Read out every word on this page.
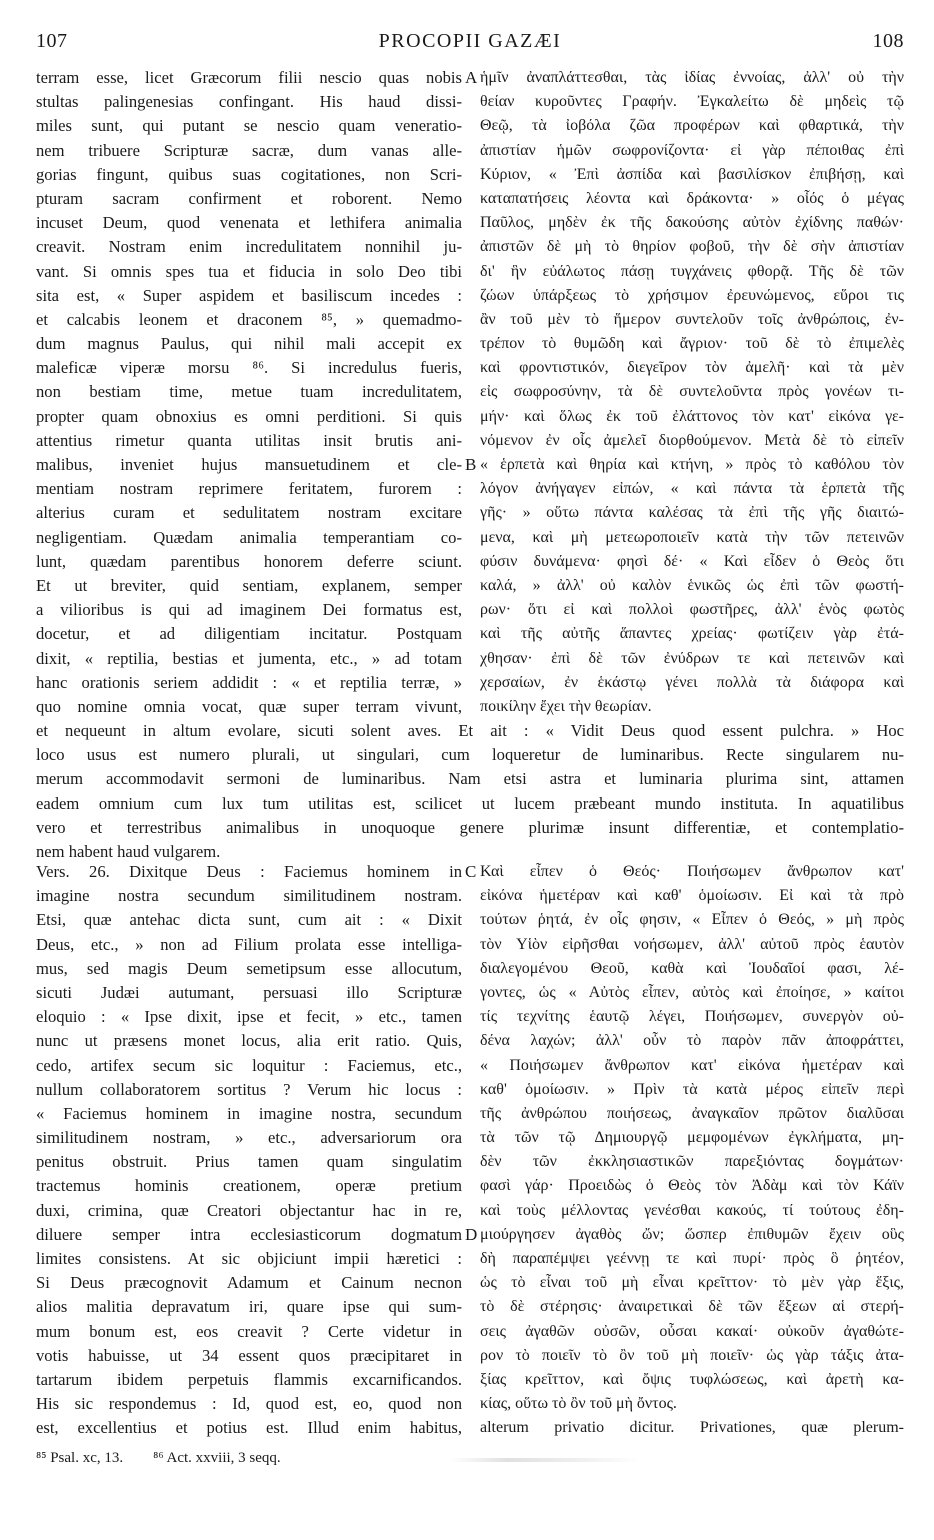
107	PROCOPII GAZÆI	108
A
B
C
D
terram esse, licet Græcorum filii nescio quas nobis
stultas palingenesias confingant. His haud dissi-
miles sunt, qui putant se nescio quam veneratio-
nem tribuere Scripturæ sacræ, dum vanas alle-
gorias fingunt, quibus suas cogitationes, non Scri-
pturam sacram confirment et roborent. Nemo
incuset Deum, quod venenata et lethifera animalia
creavit. Nostram enim incredulitatem nonnihil ju-
vant. Si omnis spes tua et fiducia in solo Deo tibi
sita est, « Super aspidem et basiliscum incedes :
et calcabis leonem et draconem ⁸⁵, » quemadmo-
dum magnus Paulus, qui nihil mali accepit ex
maleficæ viperæ morsu ⁸⁶. Si incredulus fueris,
non bestiam time, metue tuam incredulitatem,
propter quam obnoxius es omni perditioni. Si quis
attentius rimetur quanta utilitas insit brutis ani-
malibus, inveniet hujus mansuetudinem et cle-
mentiam nostram reprimere feritatem, furorem :
alterius curam et sedulitatem nostram excitare
negligentiam. Quædam animalia temperantiam co-
lunt, quædam parentibus honorem deferre sciunt.
Et ut breviter, quid sentiam, explanem, semper
a vilioribus is qui ad imaginem Dei formatus est,
docetur, et ad diligentiam incitatur. Postquam
dixit, « reptilia, bestias et jumenta, etc., » ad totam
hanc orationis seriem addidit : « et reptilia terræ, »
quo nomine omnia vocat, quæ super terram vivunt,
ἡμῖν ἀναπλάττεσθαι, τὰς ἰδίας ἐννοίας, ἀλλ' οὐ τὴν
θείαν κυροῦντες Γραφήν. Ἐγκαλείτω δὲ μηδεὶς τῷ
Θεῷ, τὰ ἰοβόλα ζῶα προφέρων καὶ φθαρτικά, τὴν
ἀπιστίαν ἡμῶν σωφρονίζοντα· εἰ γὰρ πέποιθας ἐπὶ
Κύριον, « Ἐπὶ ἀσπίδα καὶ βασιλίσκον ἐπιβήσῃ, καὶ
καταπατήσεις λέοντα καὶ δράκοντα· » οἷός ὁ μέγας
Παῦλος, μηδὲν ἐκ τῆς δακούσης αὐτὸν ἐχίδνης παθών·
ἀπιστῶν δὲ μὴ τὸ θηρίον φοβοῦ, τὴν δὲ σὴν ἀπιστίαν
δι' ἣν εὐάλωτος πάσῃ τυγχάνεις φθορᾷ. Τῆς δὲ τῶν
ζώων ὑπάρξεως τὸ χρήσιμον ἐρευνώμενος, εὕροι τις
ἂν τοῦ μὲν τὸ ἥμερον συντελοῦν τοῖς ἀνθρώποις, ἐν-
τρέπον τὸ θυμῶδη καὶ ἄγριον· τοῦ δὲ τὸ ἐπιμελὲς
καὶ φροντιστικόν, διεγεῖρον τὸν ἀμελῆ· καὶ τὰ μὲν
εἰς σωφροσύνην, τὰ δὲ συντελοῦντα πρὸς γονέων τι-
μήν· καὶ ὅλως ἐκ τοῦ ἐλάττονος τὸν κατ' εἰκόνα γε-
νόμενον ἐν οἷς ἀμελεῖ διορθούμενον. Μετὰ δὲ τὸ εἰπεῖν
« ἑρπετὰ καὶ θηρία καὶ κτήνη, » πρὸς τὸ καθόλου τὸν
λόγον ἀνήγαγεν εἰπών, « καὶ πάντα τὰ ἑρπετὰ τῆς
γῆς· » οὕτω πάντα καλέσας τὰ ἐπὶ τῆς γῆς διαιτώ-
μενα, καὶ μὴ μετεωροποιεῖν κατὰ τὴν τῶν πετεινῶν
φύσιν δυνάμενα· φησὶ δέ· « Καὶ εἶδεν ὁ Θεὸς ὅτι
καλά, » ἀλλ' οὐ καλὸν ἑνικῶς ὡς ἐπὶ τῶν φωστή-
ρων· ὅτι εἰ καὶ πολλοὶ φωστῆρες, ἀλλ' ἑνὸς φωτὸς
καὶ τῆς αὐτῆς ἅπαντες χρείας· φωτίζειν γὰρ ἐτά-
χθησαν· ἐπὶ δὲ τῶν ἐνύδρων τε καὶ πετεινῶν καὶ
χερσαίων, ἐν ἑκάστῳ γένει πολλὰ τὰ διάφορα καὶ
ποικίλην ἔχει τὴν θεωρίαν.
et nequeunt in altum evolare, sicuti solent aves. Et ait : « Vidit Deus quod essent pulchra. » Hoc
loco usus est numero plurali, ut singulari, cum loqueretur de luminaribus. Recte singularem nu-
merum accommodavit sermoni de luminaribus. Nam etsi astra et luminaria plurima sint, attamen
eadem omnium cum lux tum utilitas est, scilicet ut lucem præbeant mundo instituta. In aquatilibus
vero et terrestribus animalibus in unoquoque genere plurimæ insunt differentiæ, et contemplatio-
nem habent haud vulgarem.
Vers. 26. Dixitque Deus : Faciemus hominem in
imagine nostra secundum similitudinem nostram.
Etsi, quæ antehac dicta sunt, cum ait : « Dixit
Deus, etc., » non ad Filium prolata esse intelliga-
mus, sed magis Deum semetipsum esse allocutum,
sicuti Judæi autumant, persuasi illo Scripturæ
eloquio : « Ipse dixit, ipse et fecit, » etc., tamen
nunc ut præsens monet locus, alia erit ratio. Quis,
cedo, artifex secum sic loquitur : Faciemus, etc.,
nullum collaboratorem sortitus ? Verum hic locus :
« Faciemus hominem in imagine nostra, secundum
similitudinem nostram, » etc., adversariorum ora
penitus obstruit. Prius tamen quam singulatim
tractemus hominis creationem, operæ pretium
duxi, crimina, quæ Creatori objectantur hac in re,
diluere semper intra ecclesiasticorum dogmatum
limites consistens. At sic objiciunt impii hæretici :
Si Deus præcognovit Adamum et Cainum necnon
alios malitia depravatum iri, quare ipse qui sum-
mum bonum est, eos creavit ? Certe videtur in
votis habuisse, ut 34 essent quos præcipitaret in
tartarum ibidem perpetuis flammis excarnificandos.
His sic respondemus : Id, quod est, eo, quod non
est, excellentius et potius est. Illud enim habitus,
Καὶ εἶπεν ὁ Θεός· Ποιήσωμεν ἄνθρωπον κατ'
εἰκόνα ἡμετέραν καὶ καθ' ὁμοίωσιν. Εἰ καὶ τὰ πρὸ
τούτων ῥητά, ἐν οἷς φησιν, « Εἶπεν ὁ Θεός, » μὴ πρὸς
τὸν Υἱὸν εἰρῆσθαι νοήσωμεν, ἀλλ' αὐτοῦ πρὸς ἑαυτὸν
διαλεγομένου Θεοῦ, καθὰ καὶ Ἰουδαῖοί φασι, λέ-
γοντες, ὡς « Αὐτὸς εἶπεν, αὐτὸς καὶ ἐποίησε, » καίτοι
τίς τεχνίτης ἑαυτῷ λέγει, Ποιήσωμεν, συνεργὸν οὐ-
δένα λαχών; ἀλλ' οὖν τὸ παρὸν πᾶν ἀποφράττει,
« Ποιήσωμεν ἄνθρωπον κατ' εἰκόνα ἡμετέραν καὶ
καθ' ὁμοίωσιν. » Πρὶν τὰ κατὰ μέρος εἰπεῖν περὶ
τῆς ἀνθρώπου ποιήσεως, ἀναγκαῖον πρῶτον διαλῦσαι
τὰ τῶν τῷ Δημιουργῷ μεμφομένων ἐγκλήματα, μη-
δὲν τῶν ἐκκλησιαστικῶν παρεξιόντας δογμάτων·
φασὶ γάρ· Προειδὼς ὁ Θεὸς τὸν Ἀδὰμ καὶ τὸν Κάϊν
καὶ τοὺς μέλλοντας γενέσθαι κακούς, τί τούτους ἐδη-
μιούργησεν ἀγαθὸς ὤν; ὥσπερ ἐπιθυμῶν ἔχειν οὓς
δὴ παραπέμψει γεέννῃ τε καὶ πυρί· πρὸς ὃ ῥητέον,
ὡς τὸ εἶναι τοῦ μὴ εἶναι κρεῖττον· τὸ μὲν γὰρ ἕξις,
τὸ δὲ στέρησις· ἀναιρετικαὶ δὲ τῶν ἕξεων αἱ στερή-
σεις ἀγαθῶν οὐσῶν, οὖσαι κακαί· οὐκοῦν ἀγαθώτε-
ρον τὸ ποιεῖν τὸ ὂν τοῦ μὴ ποιεῖν· ὡς γὰρ τάξις ἀτα-
ξίας κρεῖττον, καὶ ὄψις τυφλώσεως, καὶ ἀρετὴ κα-
κίας, οὕτω τὸ ὂν τοῦ μὴ ὄντος.
alterum privatio dicitur. Privationes, quæ plerum-
⁸⁵ Psal. xc, 13. ⁸⁶ Act. xxviii, 3 seqq.
